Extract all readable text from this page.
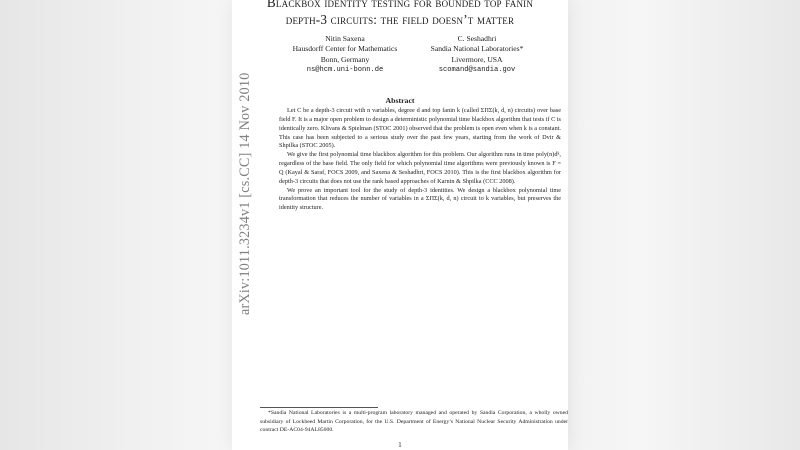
Blackbox identity testing for bounded top fanin
depth-3 circuits: the field doesn’t matter
Nitin Saxena
Hausdorff Center for Mathematics
Bonn, Germany
ns@hcm.uni-bonn.de
C. Seshadhri
Sandia National Laboratories*
Livermore, USA
scomand@sandia.gov
Abstract

Let C be a depth-3 circuit with n variables, degree d and top fanin k (called ΣΠΣ(k, d, n) circuits) over base field F. It is a major open problem to design a deterministic polynomial time blackbox algorithm that tests if C is identically zero. Klivans & Spielman (STOC 2001) observed that the problem is open even when k is a constant. This case has been subjected to a serious study over the past few years, starting from the work of Dvir & Shpilka (STOC 2005).

We give the first polynomial time blackbox algorithm for this problem. Our algorithm runs in time poly(n)dᵏ, regardless of the base field. The only field for which polynomial time algorithms were previously known is F = Q (Kayal & Saraf, FOCS 2009, and Saxena & Seshadhri, FOCS 2010). This is the first blackbox algorithm for depth-3 circuits that does not use the rank based approaches of Karnin & Shpilka (CCC 2008).

We prove an important tool for the study of depth-3 identities. We design a blackbox polynomial time transformation that reduces the number of variables in a ΣΠΣ(k, d, n) circuit to k variables, but preserves the identity structure.

*Sandia National Laboratories is a multi-program laboratory managed and operated by Sandia Corporation, a wholly owned subsidiary of Lockheed Martin Corporation, for the U.S. Department of Energy’s National Nuclear Security Administration under contract DE-AC04-94AL85000.

1
arXiv:1011.3234v1 [cs.CC] 14 Nov 2010
